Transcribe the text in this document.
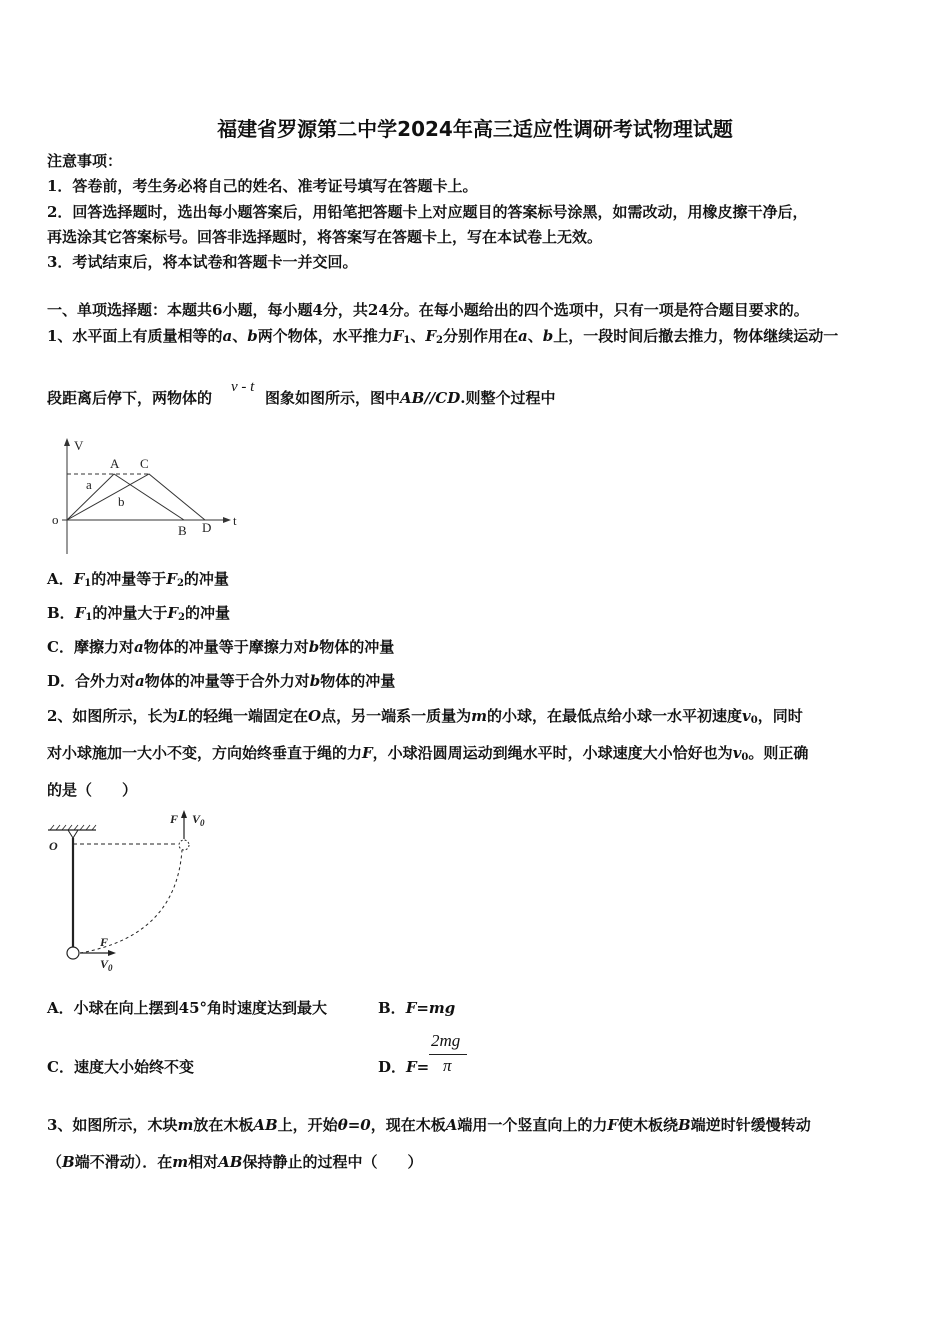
福建省罗源第二中学2024年高三适应性调研考试物理试题
注意事项：
1．答卷前，考生务必将自己的姓名、准考证号填写在答题卡上。
2．回答选择题时，选出每小题答案后，用铅笔把答题卡上对应题目的答案标号涂黑，如需改动，用橡皮擦干净后，
再选涂其它答案标号。回答非选择题时，将答案写在答题卡上，写在本试卷上无效。
3．考试结束后，将本试卷和答题卡一并交回。
一、单项选择题：本题共6小题，每小题4分，共24分。在每小题给出的四个选项中，只有一项是符合题目要求的。
1、水平面上有质量相等的a、b两个物体，水平推力$F_1$、$F_2$分别作用在a、b上，一段时间后撤去推力，物体继续运动一
段距离后停下，两物体的
v - t
图象如图所示，图中AB//CD.则整个过程中
V
t
o
A C
a
b
B D
A．$F_1$的冲量等于$F_2$的冲量
B．$F_1$的冲量大于$F_2$的冲量
C．摩擦力对a物体的冲量等于摩擦力对b物体的冲量
D．合外力对a物体的冲量等于合外力对b物体的冲量
2、如图所示，长为L的轻绳一端固定在O点，另一端系一质量为m的小球，在最低点给小球一水平初速度$v_0$，同时
对小球施加一大小不变，方向始终垂直于绳的力F，小球沿圆周运动到绳水平时，小球速度大小恰好也为$v_0$。则正确
的是（　　）
O
F V 0
F
V 0
A．小球在向上摆到45°角时速度达到最大	B．F=mg
C．速度大小始终不变	D．F=
2mg
π
3、如图所示，木块m放在木板AB上，开始θ=0，现在木板A端用一个竖直向上的力F使木板绕B端逆时针缓慢转动
（B端不滑动）．在m相对AB保持静止的过程中（　　）
